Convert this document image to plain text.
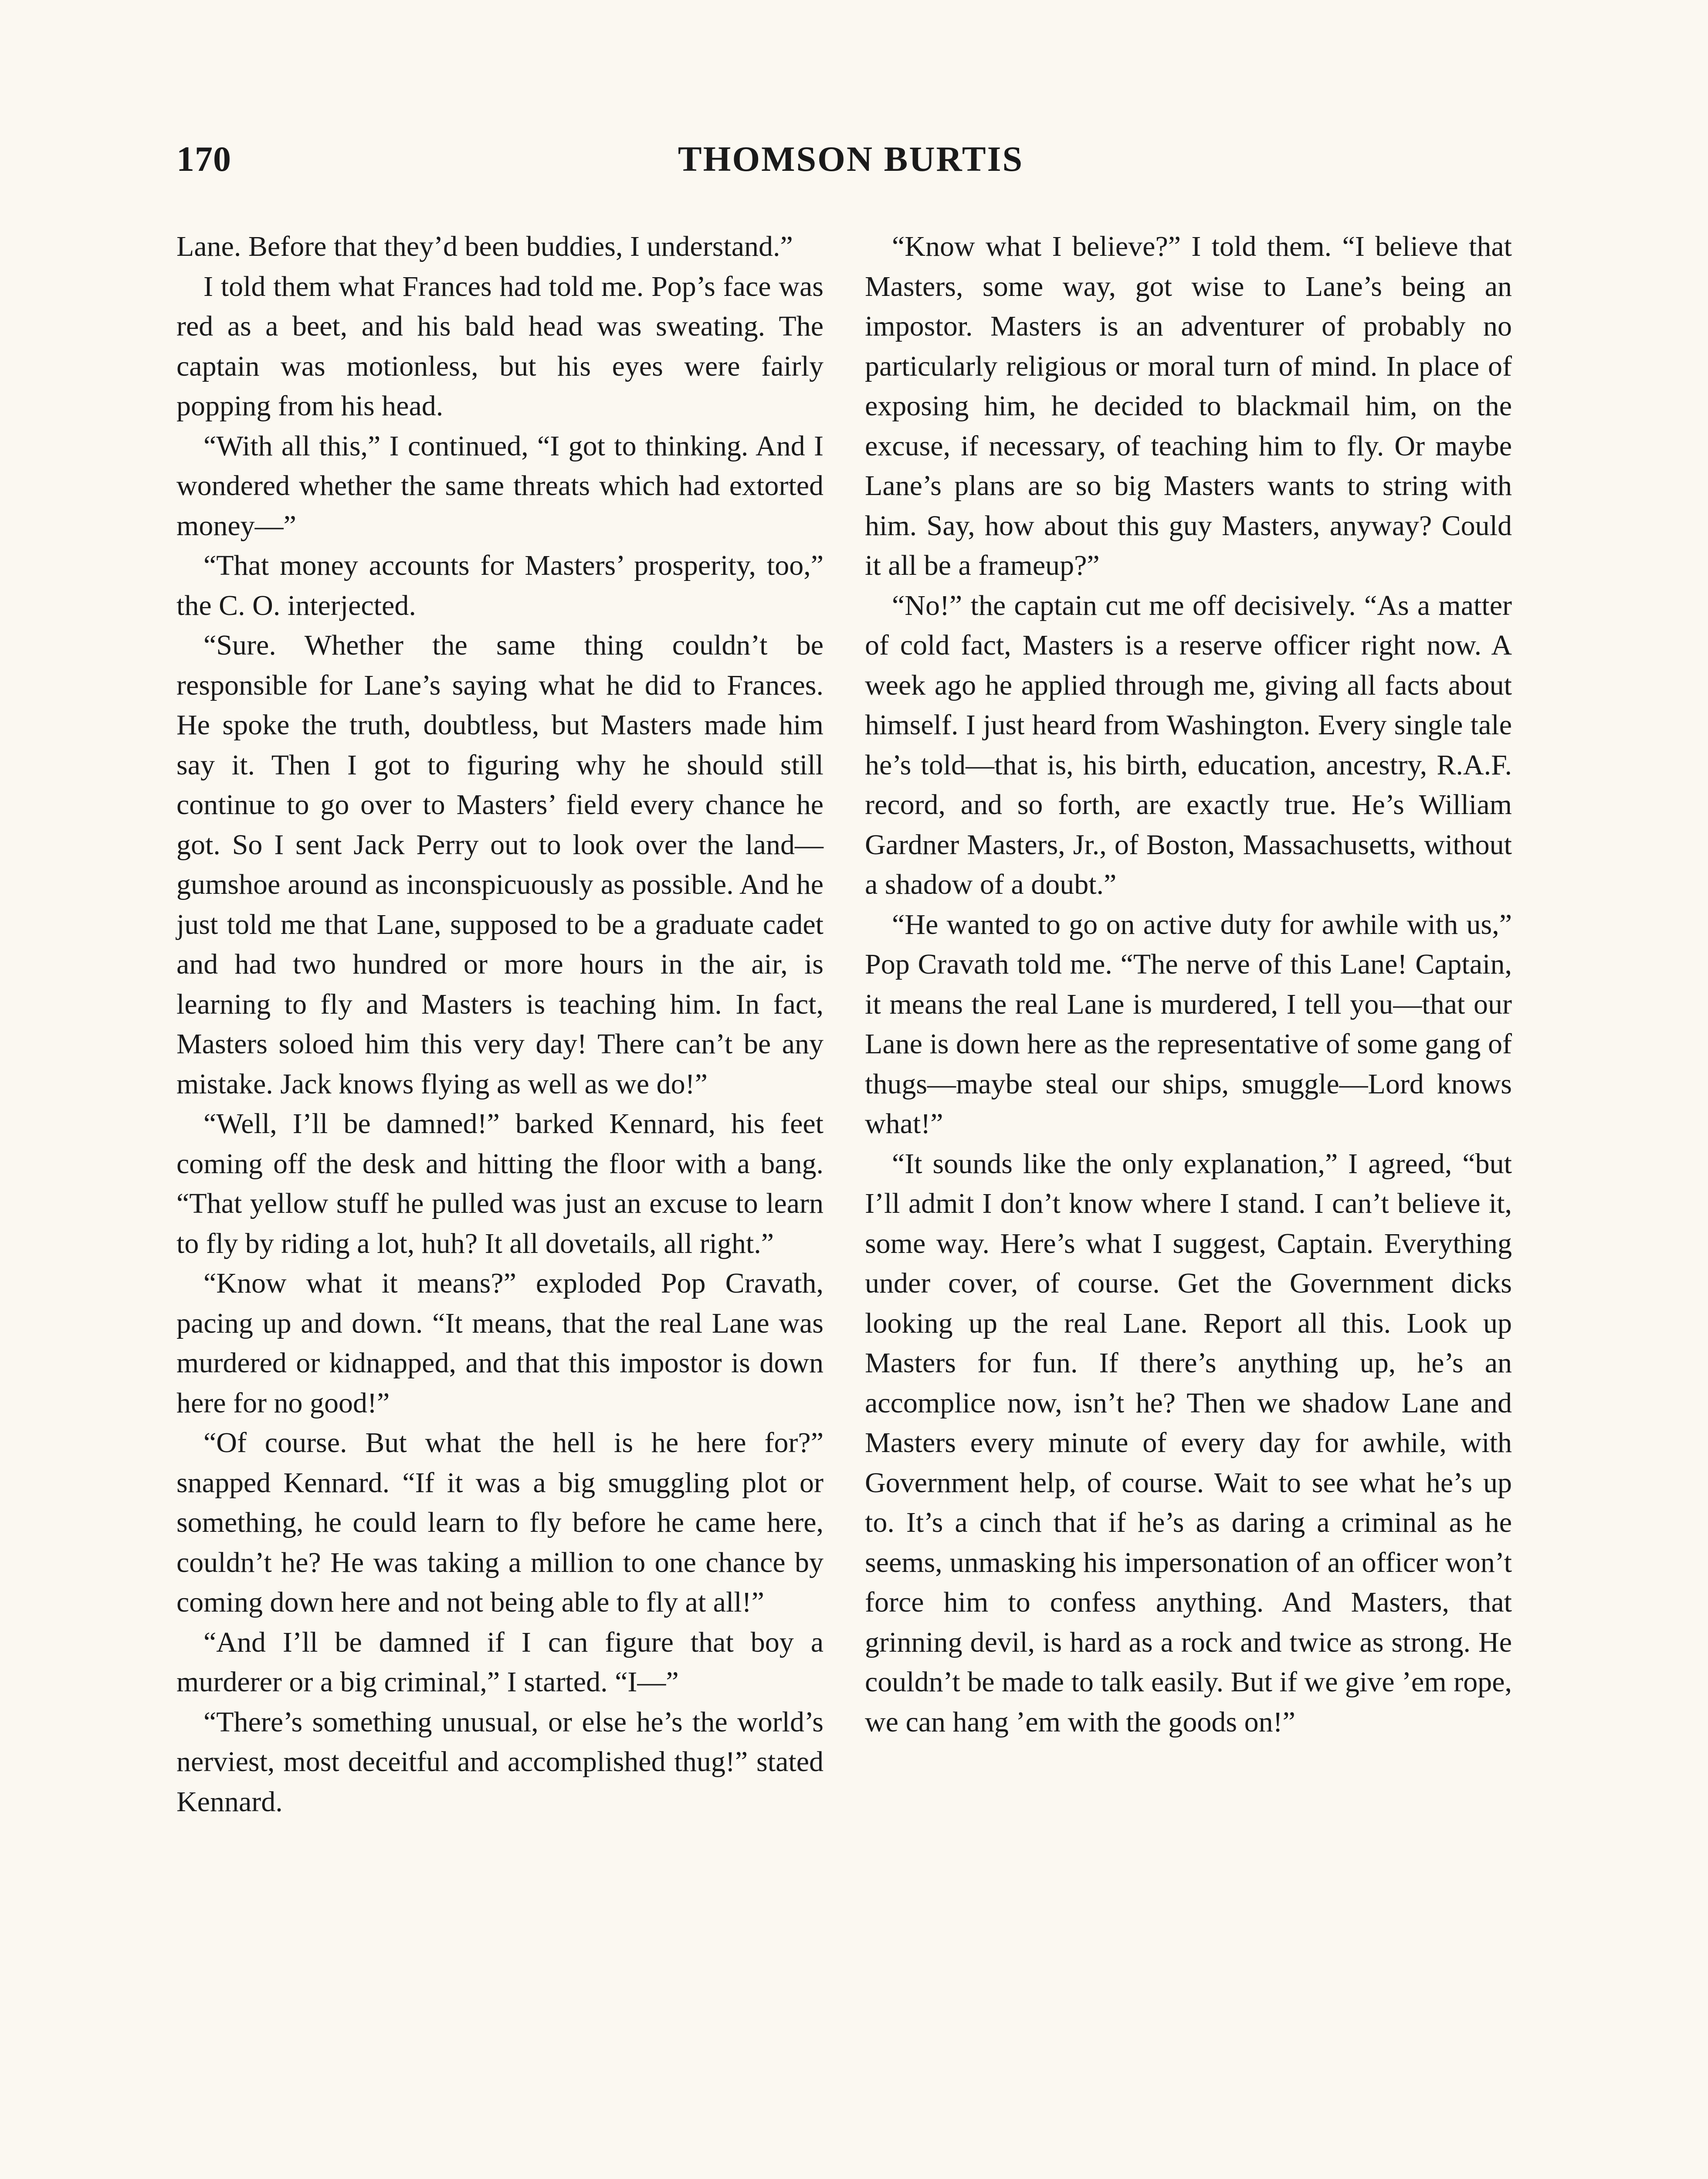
170	THOMSON BURTIS

Lane. Before that they’d been buddies, I understand.”

I told them what Frances had told me. Pop’s face was red as a beet, and his bald head was sweating. The captain was motionless, but his eyes were fairly popping from his head.

“With all this,” I continued, “I got to thinking. And I wondered whether the same threats which had extorted money—”

“That money accounts for Masters’ prosperity, too,” the C. O. interjected.

“Sure. Whether the same thing couldn’t be responsible for Lane’s saying what he did to Frances. He spoke the truth, doubtless, but Masters made him say it. Then I got to figuring why he should still continue to go over to Masters’ field every chance he got. So I sent Jack Perry out to look over the land—gumshoe around as inconspicuously as possible. And he just told me that Lane, supposed to be a graduate cadet and had two hundred or more hours in the air, is learning to fly and Masters is teaching him. In fact, Masters soloed him this very day! There can’t be any mistake. Jack knows flying as well as we do!”

“Well, I’ll be damned!” barked Kennard, his feet coming off the desk and hitting the floor with a bang. “That yellow stuff he pulled was just an excuse to learn to fly by riding a lot, huh? It all dovetails, all right.”

“Know what it means?” exploded Pop Cravath, pacing up and down. “It means, that the real Lane was murdered or kidnapped, and that this impostor is down here for no good!”

“Of course. But what the hell is he here for?” snapped Kennard. “If it was a big smuggling plot or something, he could learn to fly before he came here, couldn’t he? He was taking a million to one chance by coming down here and not being able to fly at all!”

“And I’ll be damned if I can figure that boy a murderer or a big criminal,” I started. “I—”

“There’s something unusual, or else he’s the world’s nerviest, most deceitful and accomplished thug!” stated Kennard.

“Know what I believe?” I told them. “I believe that Masters, some way, got wise to Lane’s being an impostor. Masters is an adventurer of probably no particularly religious or moral turn of mind. In place of exposing him, he decided to blackmail him, on the excuse, if necessary, of teaching him to fly. Or maybe Lane’s plans are so big Masters wants to string with him. Say, how about this guy Masters, anyway? Could it all be a frameup?”

“No!” the captain cut me off decisively. “As a matter of cold fact, Masters is a reserve officer right now. A week ago he applied through me, giving all facts about himself. I just heard from Washington. Every single tale he’s told—that is, his birth, education, ancestry, R.A.F. record, and so forth, are exactly true. He’s William Gardner Masters, Jr., of Boston, Massachusetts, without a shadow of a doubt.”

“He wanted to go on active duty for awhile with us,” Pop Cravath told me. “The nerve of this Lane! Captain, it means the real Lane is murdered, I tell you—that our Lane is down here as the representative of some gang of thugs—maybe steal our ships, smuggle—Lord knows what!”

“It sounds like the only explanation,” I agreed, “but I’ll admit I don’t know where I stand. I can’t believe it, some way. Here’s what I suggest, Captain. Everything under cover, of course. Get the Government dicks looking up the real Lane. Report all this. Look up Masters for fun. If there’s anything up, he’s an accomplice now, isn’t he? Then we shadow Lane and Masters every minute of every day for awhile, with Government help, of course. Wait to see what he’s up to. It’s a cinch that if he’s as daring a criminal as he seems, unmasking his impersonation of an officer won’t force him to confess anything. And Masters, that grinning devil, is hard as a rock and twice as strong. He couldn’t be made to talk easily. But if we give ’em rope, we can hang ’em with the goods on!”
